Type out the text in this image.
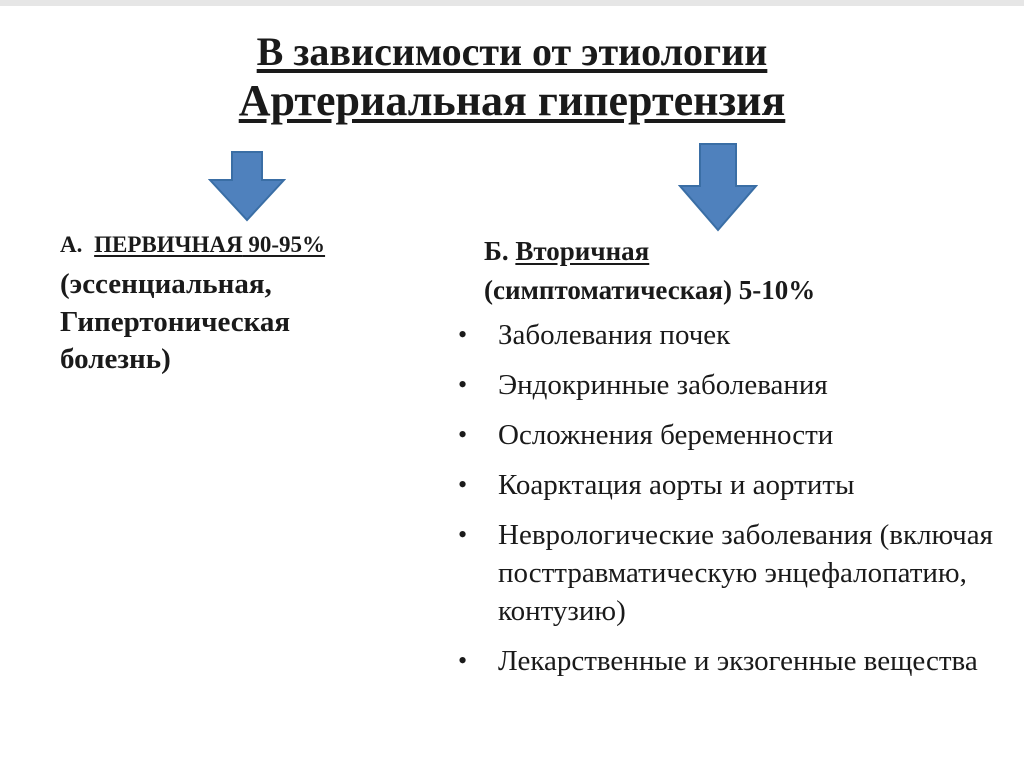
В зависимости от этиологии
Артериальная гипертензия
А. ПЕРВИЧНАЯ 90-95%
(эссенциальная,
Гипертоническая
болезнь)
Б. Вторичная
(симптоматическая) 5-10%
• Заболевания почек
• Эндокринные заболевания
• Осложнения беременности
• Коарктация аорты и аортиты
• Неврологические заболевания (включая посттравматическую энцефалопатию, контузию)
• Лекарственные и экзогенные вещества
